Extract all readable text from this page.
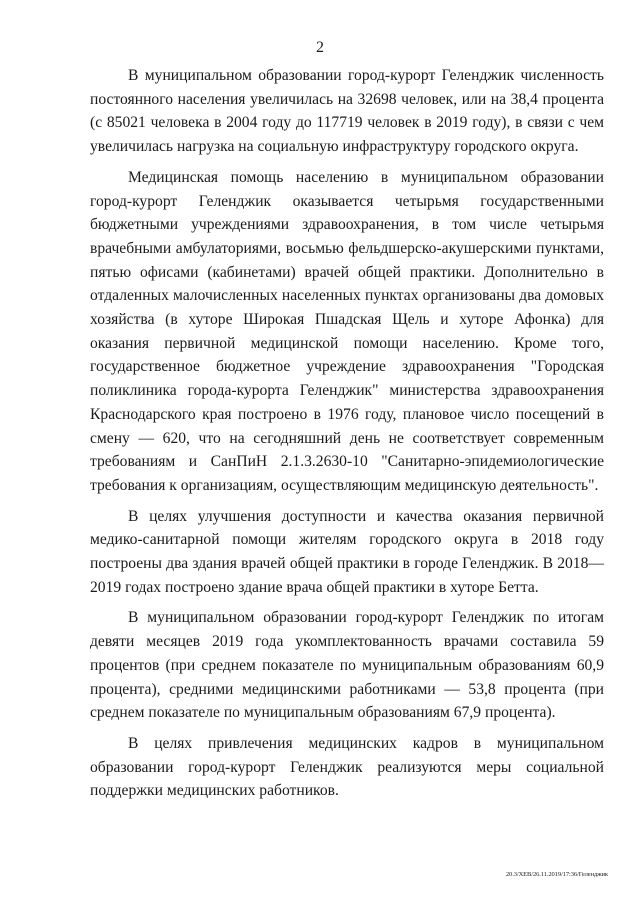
2

В муниципальном образовании город-курорт Геленджик численность постоянного населения увеличилась на 32698 человек, или на 38,4 процента (с 85021 человека в 2004 году до 117719 человек в 2019 году), в связи с чем увеличилась нагрузка на социальную инфраструктуру городского округа.

Медицинская помощь населению в муниципальном образовании город-курорт Геленджик оказывается четырьмя государственными бюджетными учреждениями здравоохранения, в том числе четырьмя врачебными амбулаториями, восьмью фельдшерско-акушерскими пунктами, пятью офисами (кабинетами) врачей общей практики. Дополнительно в отдаленных малочисленных населенных пунктах организованы два домовых хозяйства (в хуторе Широкая Пшадская Щель и хуторе Афонка) для оказания первичной медицинской помощи населению. Кроме того, государственное бюджетное учреждение здравоохранения "Городская поликлиника города-курорта Геленджик" министерства здравоохранения Краснодарского края построено в 1976 году, плановое число посещений в смену — 620, что на сегодняшний день не соответствует современным требованиям и СанПиН 2.1.3.2630-10 "Санитарно-эпидемиологические требования к организациям, осуществляющим медицинскую деятельность".

В целях улучшения доступности и качества оказания первичной медико-санитарной помощи жителям городского округа в 2018 году построены два здания врачей общей практики в городе Геленджик. В 2018—2019 годах построено здание врача общей практики в хуторе Бетта.

В муниципальном образовании город-курорт Геленджик по итогам девяти месяцев 2019 года укомплектованность врачами составила 59 процентов (при среднем показателе по муниципальным образованиям 60,9 процента), средними медицинскими работниками — 53,8 процента (при среднем показателе по муниципальным образованиям 67,9 процента).

В целях привлечения медицинских кадров в муниципальном образовании город-курорт Геленджик реализуются меры социальной поддержки медицинских работников.

20.3/ХЕВ/26.11.2019/17:36/Геленджик
